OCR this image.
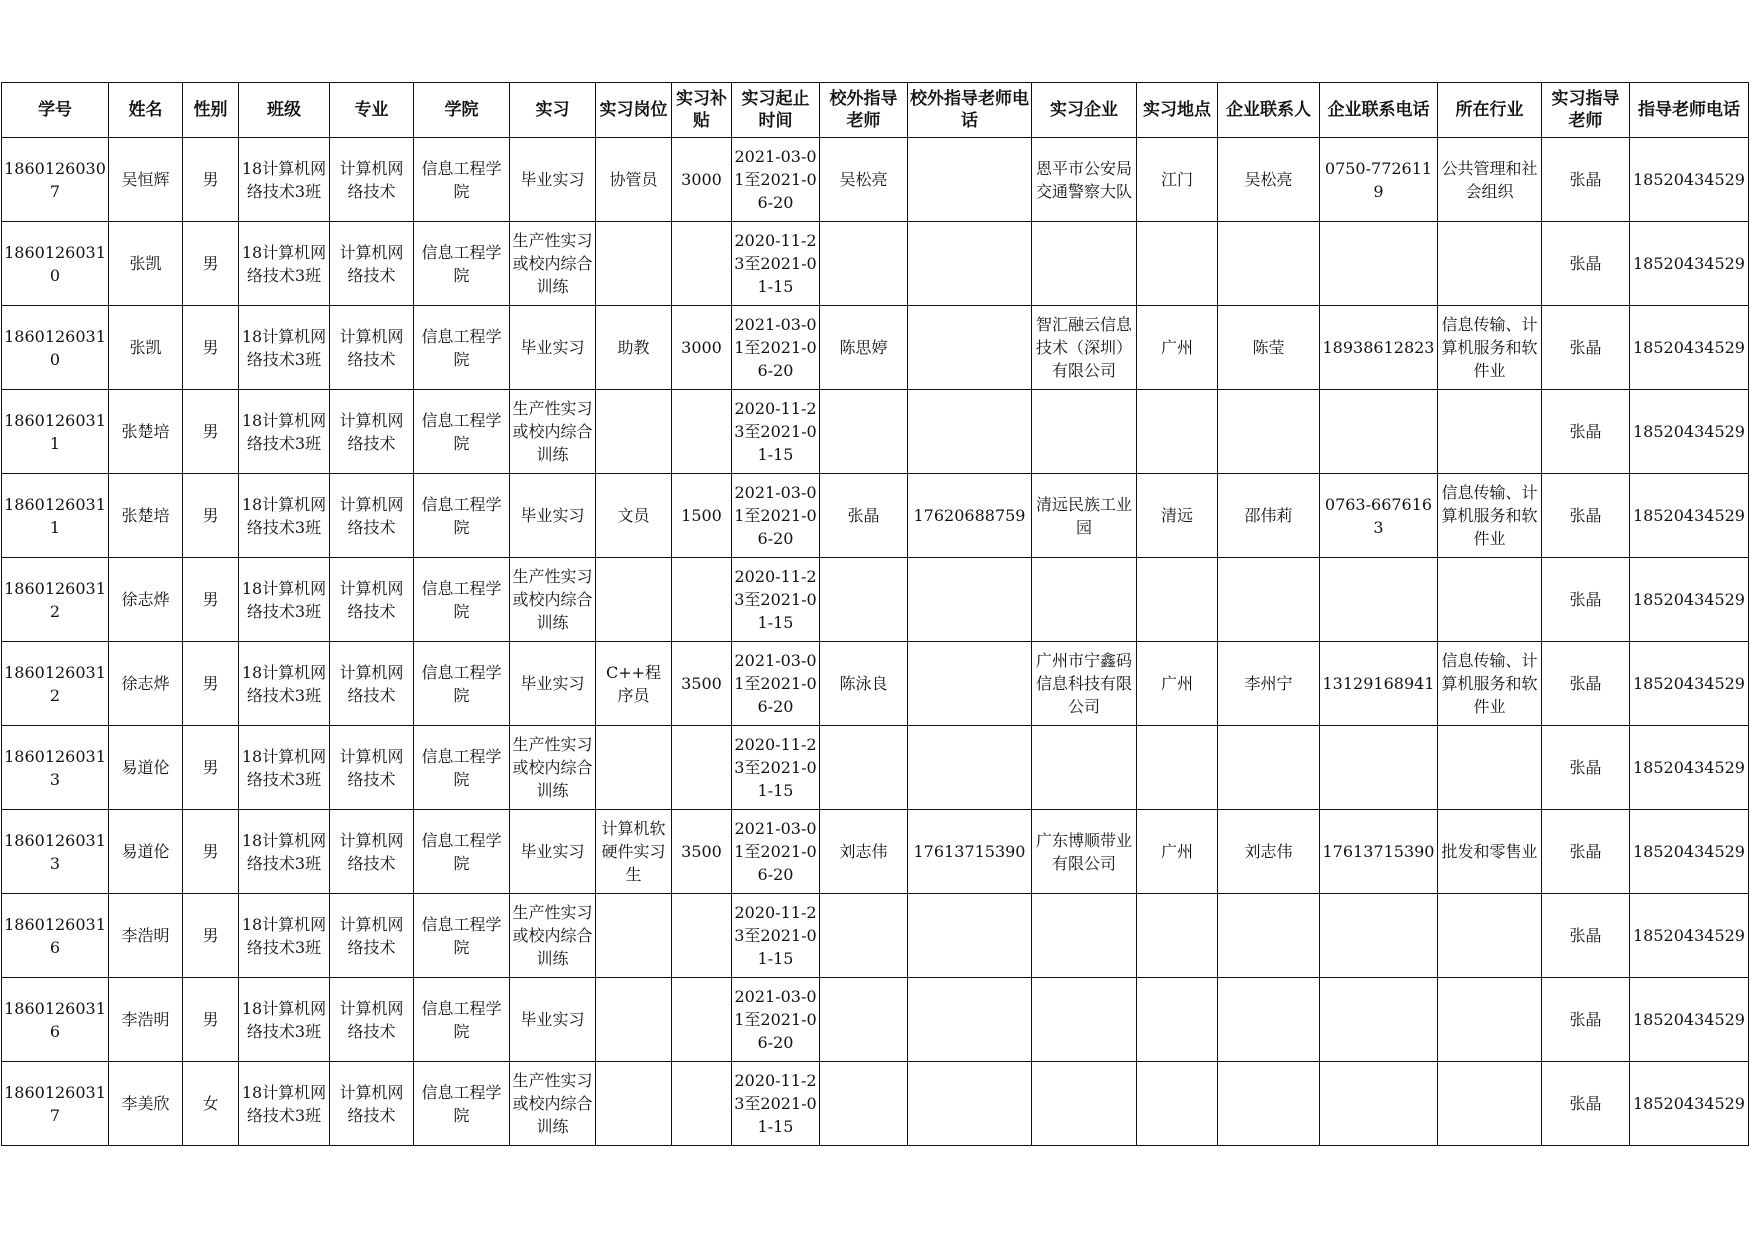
学号	姓名	性别	班级	专业	学院	实习	实习岗位	实习补贴	实习起止时间	校外指导老师	校外指导老师电话	实习企业	实习地点	企业联系人	企业联系电话	所在行业	实习指导老师	指导老师电话

18601260307	吴恒辉	男	18计算机网络技术3班	计算机网络技术	信息工程学院	毕业实习	协管员	3000	2021-03-01至2021-06-20	吴松亮		恩平市公安局交通警察大队	江门	吴松亮	0750-7726119	公共管理和社会组织	张晶	18520434529

18601260310	张凯	男	18计算机网络技术3班	计算机网络技术	信息工程学院	生产性实习或校内综合训练			2020-11-23至2021-01-15								张晶	18520434529

18601260310	张凯	男	18计算机网络技术3班	计算机网络技术	信息工程学院	毕业实习	助教	3000	2021-03-01至2021-06-20	陈思婷		智汇融云信息技术（深圳）有限公司	广州	陈莹	18938612823	信息传输、计算机服务和软件业	张晶	18520434529

18601260311	张楚培	男	18计算机网络技术3班	计算机网络技术	信息工程学院	生产性实习或校内综合训练			2020-11-23至2021-01-15								张晶	18520434529

18601260311	张楚培	男	18计算机网络技术3班	计算机网络技术	信息工程学院	毕业实习	文员	1500	2021-03-01至2021-06-20	张晶	17620688759	清远民族工业园	清远	邵伟莉	0763-6676163	信息传输、计算机服务和软件业	张晶	18520434529

18601260312	徐志烨	男	18计算机网络技术3班	计算机网络技术	信息工程学院	生产性实习或校内综合训练			2020-11-23至2021-01-15								张晶	18520434529

18601260312	徐志烨	男	18计算机网络技术3班	计算机网络技术	信息工程学院	毕业实习	C++程序员	3500	2021-03-01至2021-06-20	陈泳良		广州市宁鑫码信息科技有限公司	广州	李州宁	13129168941	信息传输、计算机服务和软件业	张晶	18520434529

18601260313	易道伦	男	18计算机网络技术3班	计算机网络技术	信息工程学院	生产性实习或校内综合训练			2020-11-23至2021-01-15								张晶	18520434529

18601260313	易道伦	男	18计算机网络技术3班	计算机网络技术	信息工程学院	毕业实习	计算机软硬件实习生	3500	2021-03-01至2021-06-20	刘志伟	17613715390	广东博顺带业有限公司	广州	刘志伟	17613715390	批发和零售业	张晶	18520434529

18601260316	李浩明	男	18计算机网络技术3班	计算机网络技术	信息工程学院	生产性实习或校内综合训练			2020-11-23至2021-01-15								张晶	18520434529

18601260316	李浩明	男	18计算机网络技术3班	计算机网络技术	信息工程学院	毕业实习			2021-03-01至2021-06-20								张晶	18520434529

18601260317	李美欣	女	18计算机网络技术3班	计算机网络技术	信息工程学院	生产性实习或校内综合训练			2020-11-23至2021-01-15								张晶	18520434529
